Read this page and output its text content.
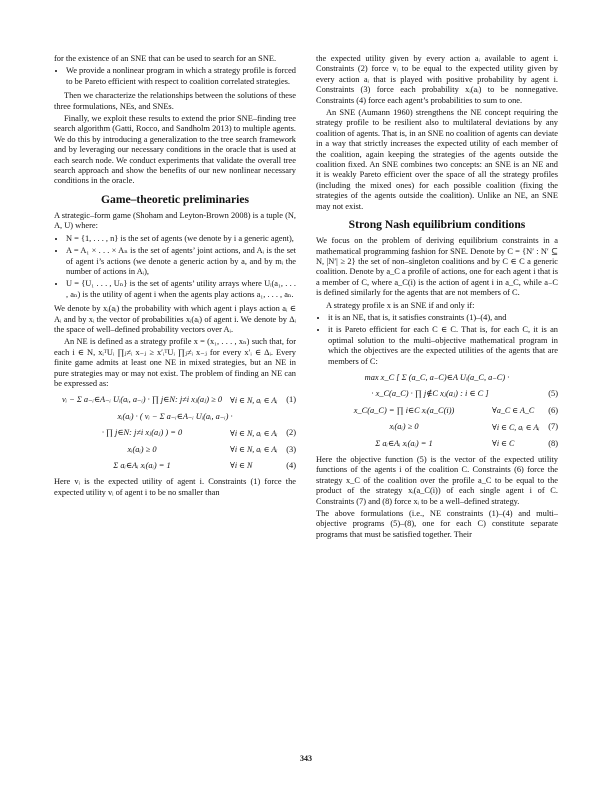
for the existence of an SNE that can be used to search for an SNE.

• We provide a nonlinear program in which a strategy profile is forced to be Pareto efficient with respect to coalition correlated strategies.

Then we characterize the relationships between the solutions of these three formulations, NEs, and SNEs.

Finally, we exploit these results to extend the prior SNE–finding tree search algorithm (Gatti, Rocco, and Sandholm 2013) to multiple agents. We do this by introducing a generalization to the tree search framework and by leveraging our necessary conditions in the oracle that is used at each search node. We conduct experiments that validate the overall tree search approach and show the benefits of our new nonlinear necessary conditions in the oracle.

Game–theoretic preliminaries

A strategic–form game (Shoham and Leyton-Brown 2008) is a tuple (N, A, U) where:

• N = {1, . . . , n} is the set of agents (we denote by i a generic agent),
• A = A₁ × . . . × Aₙ is the set of agents’ joint actions, and Aᵢ is the set of agent i’s actions (we denote a generic action by a, and by mᵢ the number of actions in Aᵢ),
• U = {U₁ . . . , Uₙ} is the set of agents’ utility arrays where Uᵢ(a₁, . . . , aₙ) is the utility of agent i when the agents play actions a₁, . . . , aₙ.

We denote by xᵢ(aᵢ) the probability with which agent i plays action aᵢ ∈ Aᵢ and by xᵢ the vector of probabilities xᵢ(aᵢ) of agent i. We denote by Δᵢ the space of well–defined probability vectors over Aᵢ.

An NE is defined as a strategy profile x = (x₁, . . . , xₙ) such that, for each i ∈ N, xᵢᵀUᵢ ∏ⱼ≠ᵢ x₋ⱼ ≥ x′ᵢᵀUᵢ ∏ⱼ≠ᵢ x₋ⱼ for every x′ᵢ ∈ Δᵢ. Every finite game admits at least one NE in mixed strategies, but an NE in pure strategies may or may not exist. The problem of finding an NE can be expressed as:

vᵢ − Σ a₋ᵢ∈A₋ᵢ Uᵢ(aᵢ, a₋ᵢ) · ∏ j∈N: j≠i xⱼ(aⱼ) ≥ 0 ∀i ∈ N, aᵢ ∈ Aᵢ	(1)
xᵢ(aᵢ) · ( vᵢ − Σ a₋ᵢ∈A₋ᵢ Uᵢ(aᵢ, a₋ᵢ) ·
· ∏ j∈N: j≠i xⱼ(aⱼ) ) = 0	∀i ∈ N, aᵢ ∈ Aᵢ	(2)
xᵢ(aᵢ) ≥ 0	∀i ∈ N, aᵢ ∈ Aᵢ	(3)
Σ aᵢ∈Aᵢ xᵢ(aᵢ) = 1	∀i ∈ N	(4)

Here vᵢ is the expected utility of agent i. Constraints (1) force the expected utility vᵢ of agent i to be no smaller than

the expected utility given by every action aᵢ available to agent i. Constraints (2) force vᵢ to be equal to the expected utility given by every action aᵢ that is played with positive probability by agent i. Constraints (3) force each probability xᵢ(aᵢ) to be nonnegative. Constraints (4) force each agent’s probabilities to sum to one.

An SNE (Aumann 1960) strengthens the NE concept requiring the strategy profile to be resilient also to multilateral deviations by any coalition of agents. That is, in an SNE no coalition of agents can deviate in a way that strictly increases the expected utility of each member of the coalition, again keeping the strategies of the agents outside the coalition fixed. An SNE combines two concepts: an SNE is an NE and it is weakly Pareto efficient over the space of all the strategy profiles (including the mixed ones) for each possible coalition (fixing the strategies of the agents outside the coalition). Unlike an NE, an SNE may not exist.

Strong Nash equilibrium conditions

We focus on the problem of deriving equilibrium constraints in a mathematical programming fashion for SNE. Denote by C = {N′ : N′ ⊆ N, |N′| ≥ 2} the set of non–singleton coalitions and by C ∈ C a generic coalition. Denote by a_C a profile of actions, one for each agent i that is a member of C, where a_C(i) is the action of agent i in a_C, while a₋C is defined similarly for the agents that are not members of C.

A strategy profile x is an SNE if and only if:

• it is an NE, that is, it satisfies constraints (1)–(4), and
• it is Pareto efficient for each C ∈ C. That is, for each C, it is an optimal solution to the multi–objective mathematical program in which the objectives are the expected utilities of the agents that are members of C:
max x_C [ Σ (a_C, a₋C)∈A Uᵢ(a_C, a₋C) ·
· x_C(a_C) · ∏ j∉C xⱼ(aⱼ) : i ∈ C ]	(5)
x_C(a_C) = ∏ i∈C xᵢ(a_C(i))	∀a_C ∈ A_C	(6)
xᵢ(aᵢ) ≥ 0	∀i ∈ C, aᵢ ∈ Aᵢ	(7)
Σ aᵢ∈Aᵢ xᵢ(aᵢ) = 1	∀i ∈ C	(8)

Here the objective function (5) is the vector of the expected utility functions of the agents i of the coalition C. Constraints (6) force the strategy x_C of the coalition over the profile a_C to be equal to the product of the strategy xᵢ(a_C(i)) of each single agent i of C. Constraints (7) and (8) force xᵢ to be a well–defined strategy.

The above formulations (i.e., NE constraints (1)–(4) and multi–objective programs (5)–(8), one for each C) constitute separate programs that must be satisfied together. Their

343
